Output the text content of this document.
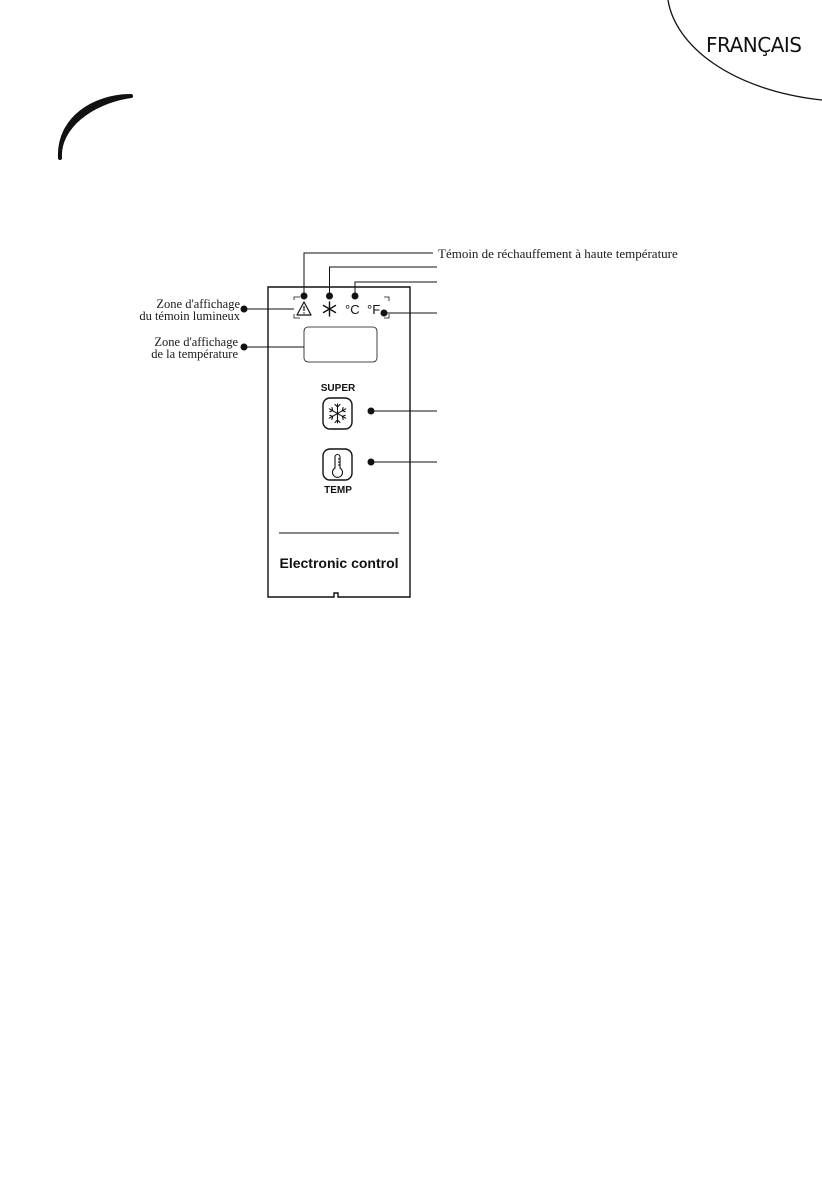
FRANÇAIS
Témoin de réchauffement à haute température
Zone d'affichage
du témoin lumineux
Zone d'affichage
de la température
°C °F
SUPER
TEMP
Electronic control
